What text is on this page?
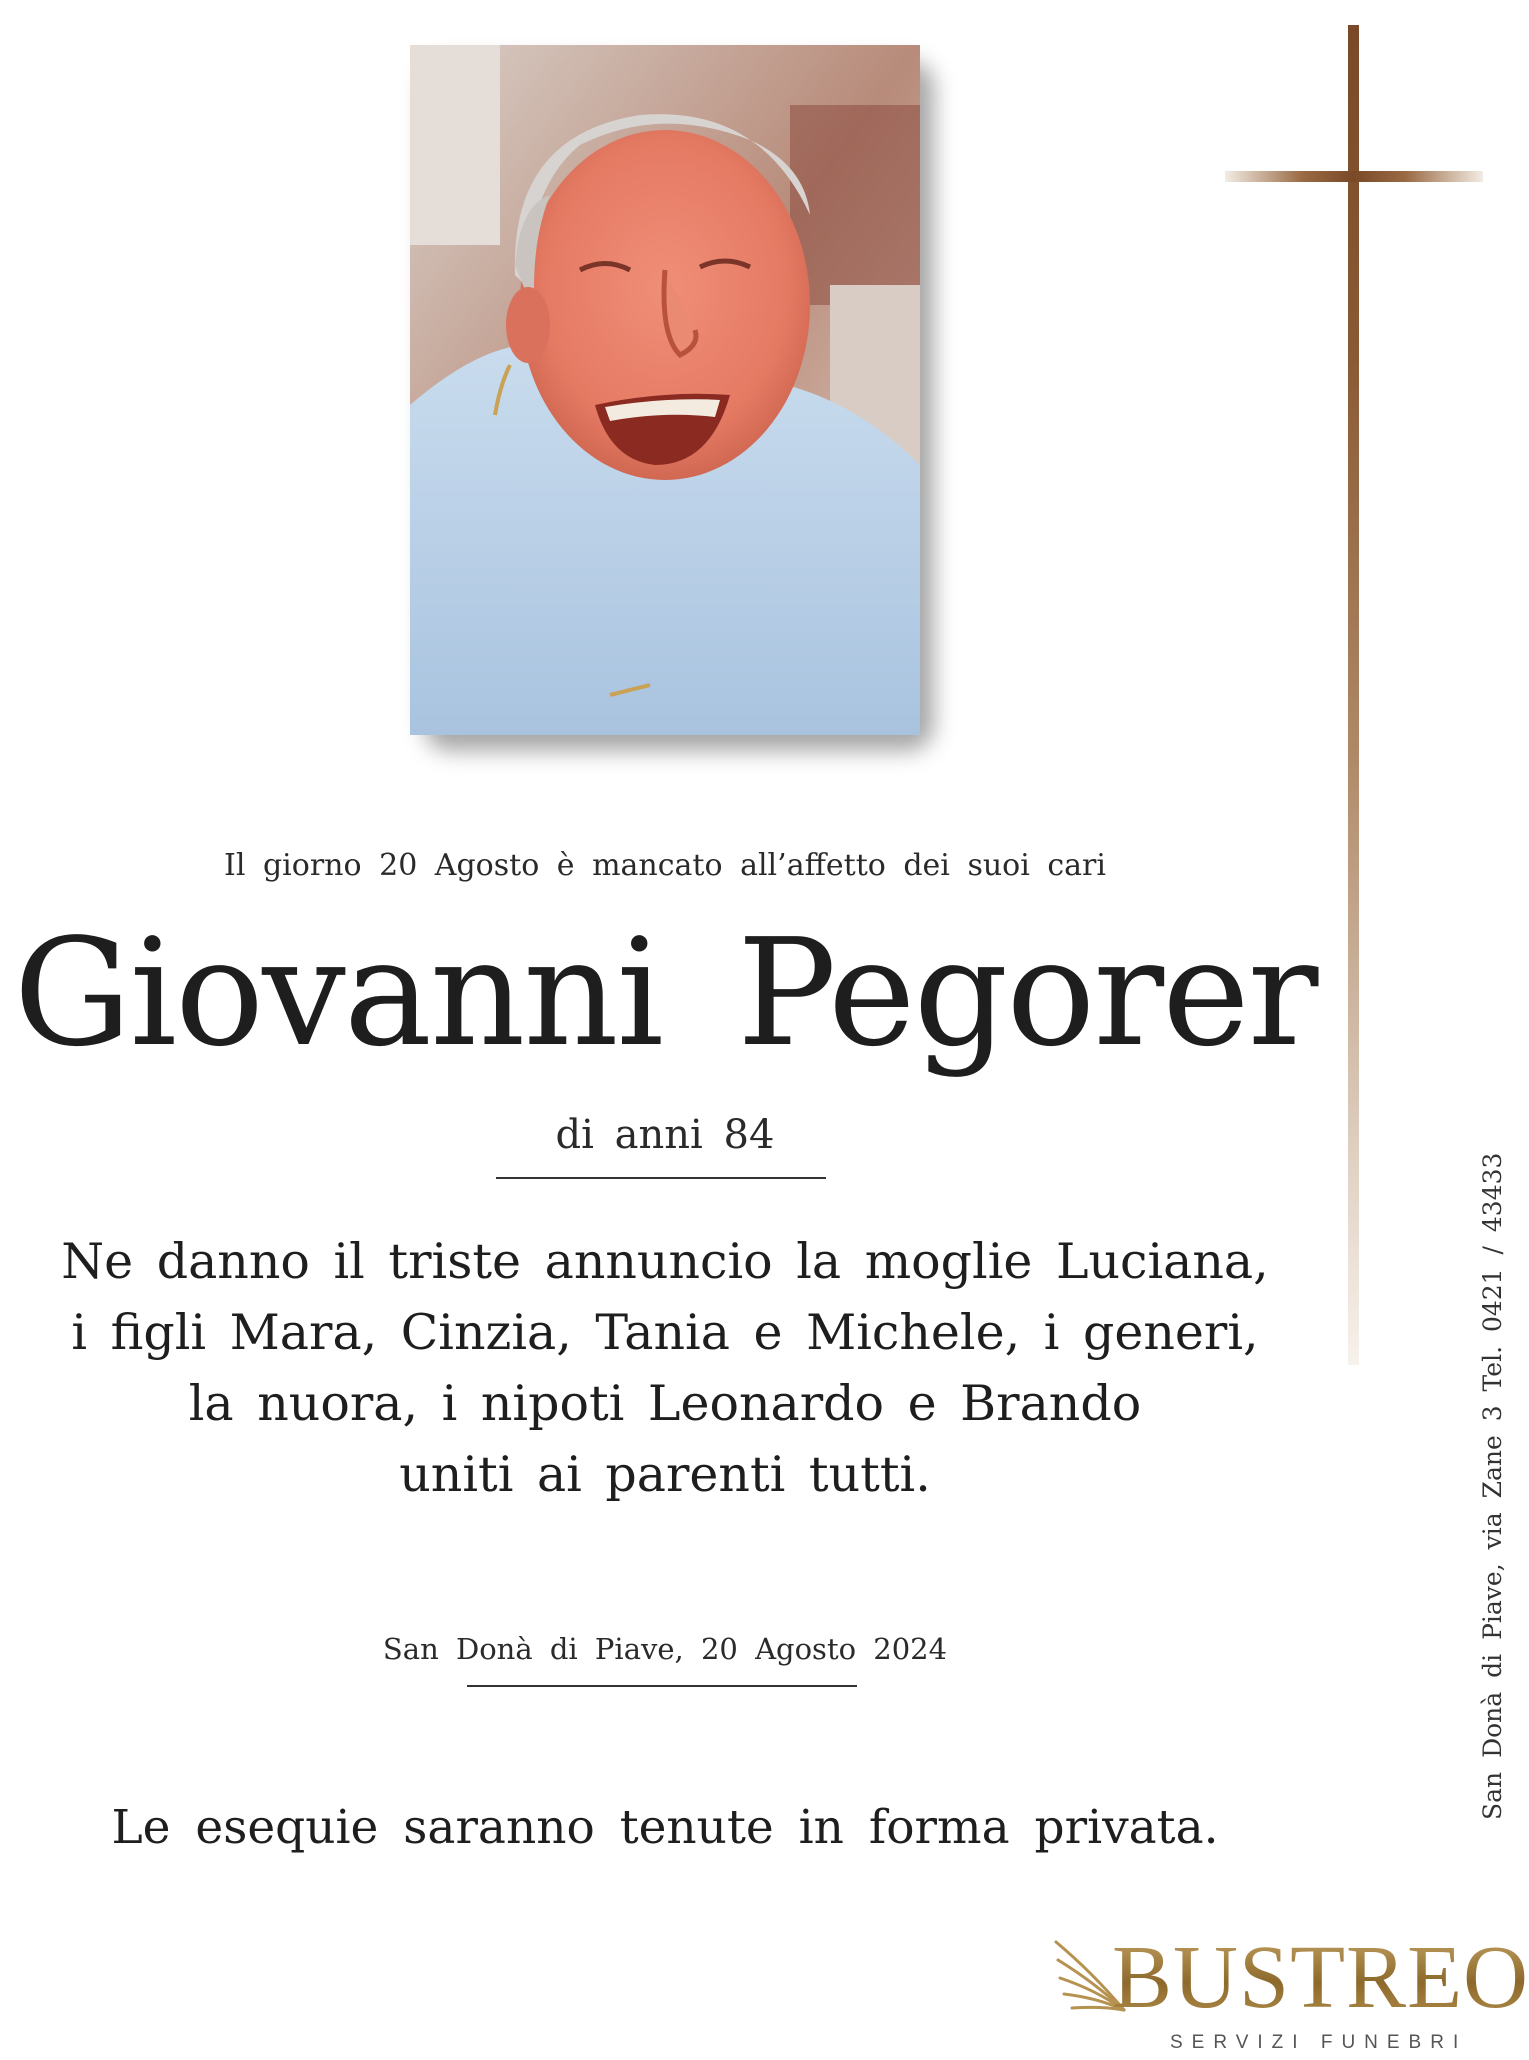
Il giorno 20 Agosto è mancato all’affetto dei suoi cari
Giovanni Pegorer
di anni 84
Ne danno il triste annuncio la moglie Luciana,
i figli Mara, Cinzia, Tania e Michele, i generi,
la nuora, i nipoti Leonardo e Brando
uniti ai parenti tutti.
San Donà di Piave, 20 Agosto 2024
Le esequie saranno tenute in forma privata.
San Donà di Piave, via Zane 3 Tel. 0421 / 43433
BUSTREO
SERVIZI FUNEBRI
